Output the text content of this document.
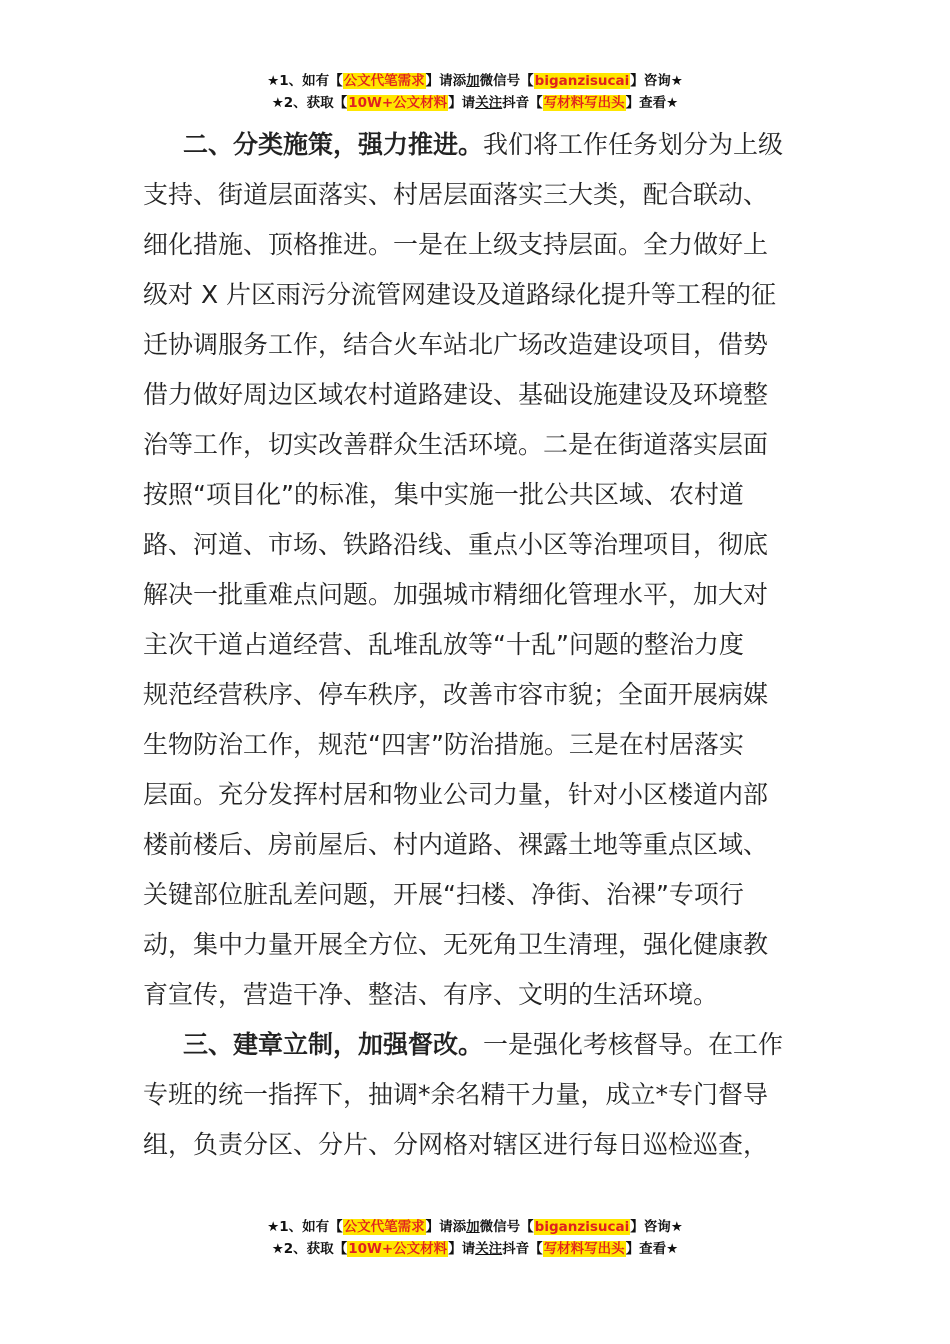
★1、如有【公文代笔需求】请添加微信号【biganzisucai】咨询★
★2、获取【10W+公文材料】请关注抖音【写材料写出头】查看★

二、分类施策，强力推进。我们将工作任务划分为上级
支持、街道层面落实、村居层面落实三大类，配合联动、
细化措施、顶格推进。一是在上级支持层面。全力做好上
级对 X 片区雨污分流管网建设及道路绿化提升等工程的征
迁协调服务工作，结合火车站北广场改造建设项目，借势
借力做好周边区域农村道路建设、基础设施建设及环境整
治等工作，切实改善群众生活环境。二是在街道落实层面
按照“项目化”的标准，集中实施一批公共区域、农村道
路、河道、市场、铁路沿线、重点小区等治理项目，彻底
解决一批重难点问题。加强城市精细化管理水平，加大对
主次干道占道经营、乱堆乱放等“十乱”问题的整治力度
规范经营秩序、停车秩序，改善市容市貌；全面开展病媒
生物防治工作，规范“四害”防治措施。三是在村居落实
层面。充分发挥村居和物业公司力量，针对小区楼道内部
楼前楼后、房前屋后、村内道路、裸露土地等重点区域、
关键部位脏乱差问题，开展“扫楼、净街、治裸”专项行
动，集中力量开展全方位、无死角卫生清理，强化健康教
育宣传，营造干净、整洁、有序、文明的生活环境。

三、建章立制，加强督改。一是强化考核督导。在工作
专班的统一指挥下，抽调*余名精干力量，成立*专门督导
组，负责分区、分片、分网格对辖区进行每日巡检巡查，

★1、如有【公文代笔需求】请添加微信号【biganzisucai】咨询★
★2、获取【10W+公文材料】请关注抖音【写材料写出头】查看★
